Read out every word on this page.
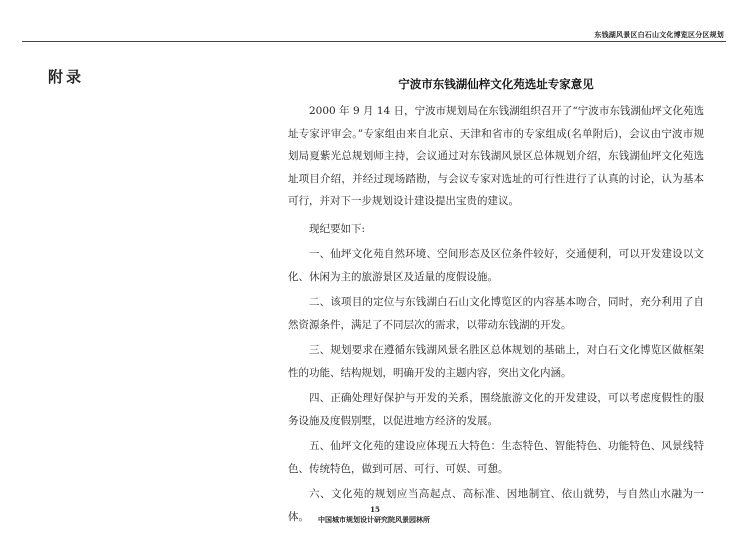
东钱湖风景区白石山文化博览区分区规划
附录	宁波市东钱湖仙梓文化苑选址专家意见

2000 年 9 月 14 日，宁波市规划局在东钱湖组织召开了“宁波市东钱湖仙坪文化苑选址专家评审会。”专家组由来自北京、天津和省市的专家组成(名单附后)，会议由宁波市规划局夏紫光总规划师主持，会议通过对东钱湖风景区总体规划介绍，东钱湖仙坪文化苑选址项目介绍，并经过现场踏勘，与会议专家对选址的可行性进行了认真的讨论，认为基本可行，并对下一步规划设计建设提出宝贵的建议。

现纪要如下:

一、仙坪文化苑自然环境、空间形态及区位条件较好，交通便利，可以开发建设以文化、休闲为主的旅游景区及适量的度假设施。

二、该项目的定位与东钱湖白石山文化博览区的内容基本吻合，同时，充分利用了自然资源条件，满足了不同层次的需求，以带动东钱湖的开发。

三、规划要求在遵循东钱湖风景名胜区总体规划的基础上，对白石文化博览区做框架性的功能、结构规划，明确开发的主题内容，突出文化内涵。

四、正确处理好保护与开发的关系，围绕旅游文化的开发建设，可以考虑度假性的服务设施及度假别墅，以促进地方经济的发展。

五、仙坪文化苑的建设应体现五大特色：生态特色、智能特色、功能特色、风景线特色、传统特色，做到可居、可行、可娱、可憩。

六、文化苑的规划应当高起点、高标准、因地制宜、依山就势，与自然山水融为一体。

15
中国城市规划设计研究院风景园林所
